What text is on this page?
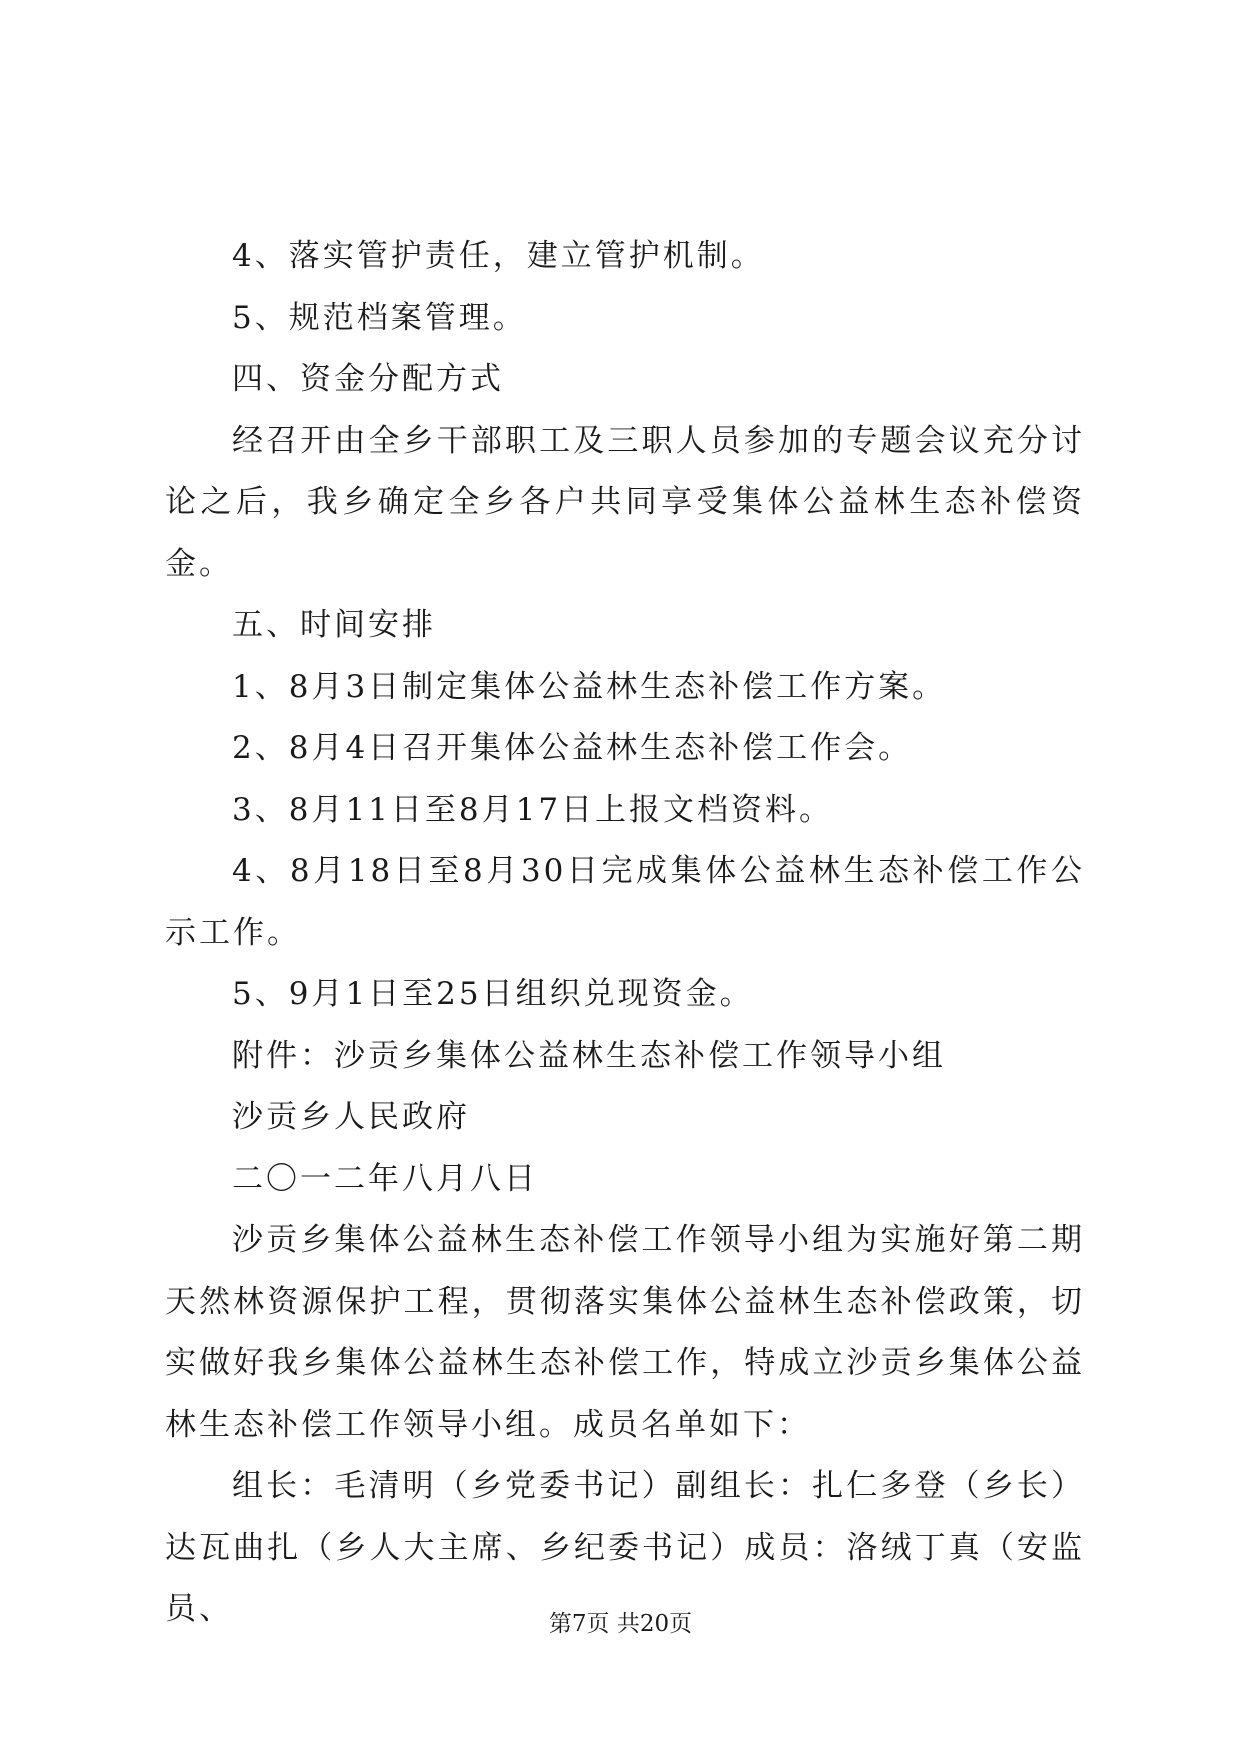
4、落实管护责任，建立管护机制。

5、规范档案管理。

四、资金分配方式

经召开由全乡干部职工及三职人员参加的专题会议充分讨论之后，我乡确定全乡各户共同享受集体公益林生态补偿资金。

五、时间安排

1、8月3日制定集体公益林生态补偿工作方案。

2、8月4日召开集体公益林生态补偿工作会。

3、8月11日至8月17日上报文档资料。

4、8月18日至8月30日完成集体公益林生态补偿工作公示工作。

5、9月1日至25日组织兑现资金。

附件：沙贡乡集体公益林生态补偿工作领导小组

沙贡乡人民政府

二〇一二年八月八日

沙贡乡集体公益林生态补偿工作领导小组为实施好第二期天然林资源保护工程，贯彻落实集体公益林生态补偿政策，切实做好我乡集体公益林生态补偿工作，特成立沙贡乡集体公益林生态补偿工作领导小组。成员名单如下：

组长：毛清明（乡党委书记）副组长：扎仁多登（乡长）达瓦曲扎（乡人大主席、乡纪委书记）成员：洛绒丁真（安监员、	第7页 共20页
